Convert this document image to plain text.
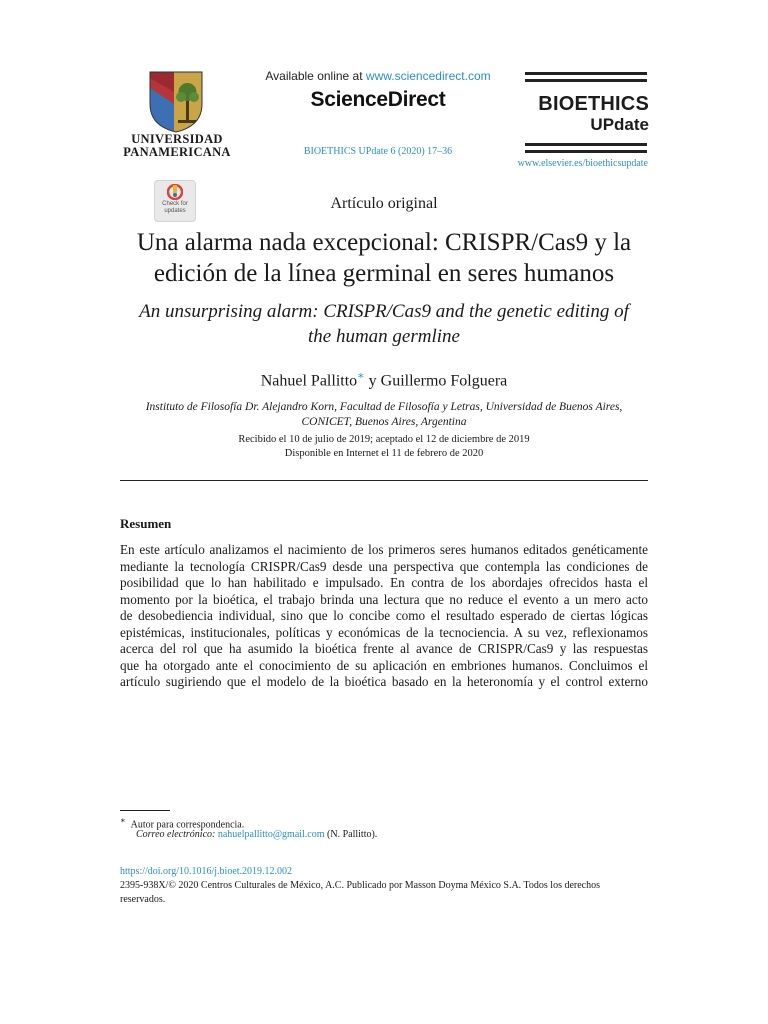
UNIVERSIDAD
PANAMERICANA
Available online at www.sciencedirect.com
ScienceDirect
BIOETHICS UPdate 6 (2020) 17–36
BIOETHICS
UPdate
www.elsevier.es/bioethicsupdate
Check for
updates	Artículo original
Una alarma nada excepcional: CRISPR/Cas9 y la
edición de la línea germinal en seres humanos
An unsurprising alarm: CRISPR/Cas9 and the genetic editing of
the human germline
Nahuel Pallitto∗ y Guillermo Folguera
Instituto de Filosofía Dr. Alejandro Korn, Facultad de Filosofía y Letras, Universidad de Buenos Aires,
CONICET, Buenos Aires, Argentina
Recibido el 10 de julio de 2019; aceptado el 12 de diciembre de 2019
Disponible en Internet el 11 de febrero de 2020
Resumen
En este artículo analizamos el nacimiento de los primeros seres humanos editados genéticamente
mediante la tecnología CRISPR/Cas9 desde una perspectiva que contempla las condiciones de
posibilidad que lo han habilitado e impulsado. En contra de los abordajes ofrecidos hasta el
momento por la bioética, el trabajo brinda una lectura que no reduce el evento a un mero acto
de desobediencia individual, sino que lo concibe como el resultado esperado de ciertas lógicas
epistémicas, institucionales, políticas y económicas de la tecnociencia. A su vez, reflexionamos
acerca del rol que ha asumido la bioética frente al avance de CRISPR/Cas9 y las respuestas
que ha otorgado ante el conocimiento de su aplicación en embriones humanos. Concluimos el
artículo sugiriendo que el modelo de la bioética basado en la heteronomía y el control externo
∗ Autor para correspondencia.
Correo electrónico: nahuelpallitto@gmail.com (N. Pallitto).
https://doi.org/10.1016/j.bioet.2019.12.002
2395-938X/© 2020 Centros Culturales de México, A.C. Publicado por Masson Doyma México S.A. Todos los derechos
reservados.
